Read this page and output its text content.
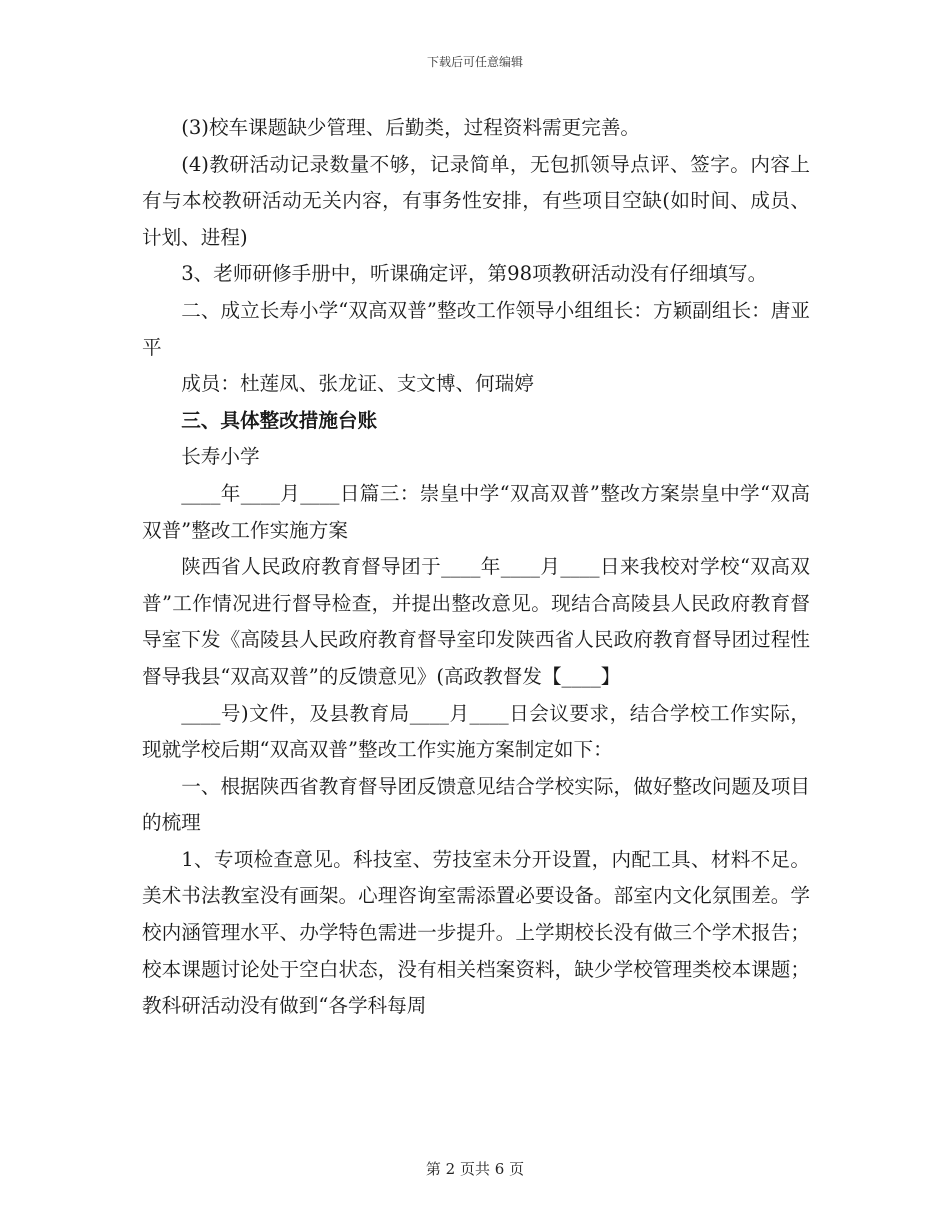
下载后可任意编辑

(3)校车课题缺少管理、后勤类，过程资料需更完善。

(4)教研活动记录数量不够，记录简单，无包抓领导点评、签字。内容上有与本校教研活动无关内容，有事务性安排，有些项目空缺(如时间、成员、计划、进程)

3、老师研修手册中，听课确定评，第98项教研活动没有仔细填写。

二、成立长寿小学“双高双普”整改工作领导小组组长：方颖副组长：唐亚平

成员：杜莲凤、张龙证、支文博、何瑞婷

三、具体整改措施台账

长寿小学

____年____月____日篇三：崇皇中学“双高双普”整改方案崇皇中学“双高双普”整改工作实施方案

陕西省人民政府教育督导团于____年____月____日来我校对学校“双高双普”工作情况进行督导检查，并提出整改意见。现结合高陵县人民政府教育督导室下发《高陵县人民政府教育督导室印发陕西省人民政府教育督导团过程性督导我县“双高双普”的反馈意见》(高政教督发【____】

____号)文件，及县教育局____月____日会议要求，结合学校工作实际，现就学校后期“双高双普”整改工作实施方案制定如下：

一、根据陕西省教育督导团反馈意见结合学校实际，做好整改问题及项目的梳理

1、专项检查意见。科技室、劳技室未分开设置，内配工具、材料不足。美术书法教室没有画架。心理咨询室需添置必要设备。部室内文化氛围差。学校内涵管理水平、办学特色需进一步提升。上学期校长没有做三个学术报告；校本课题讨论处于空白状态，没有相关档案资料，缺少学校管理类校本课题；教科研活动没有做到“各学科每周

第 2 页共 6 页
